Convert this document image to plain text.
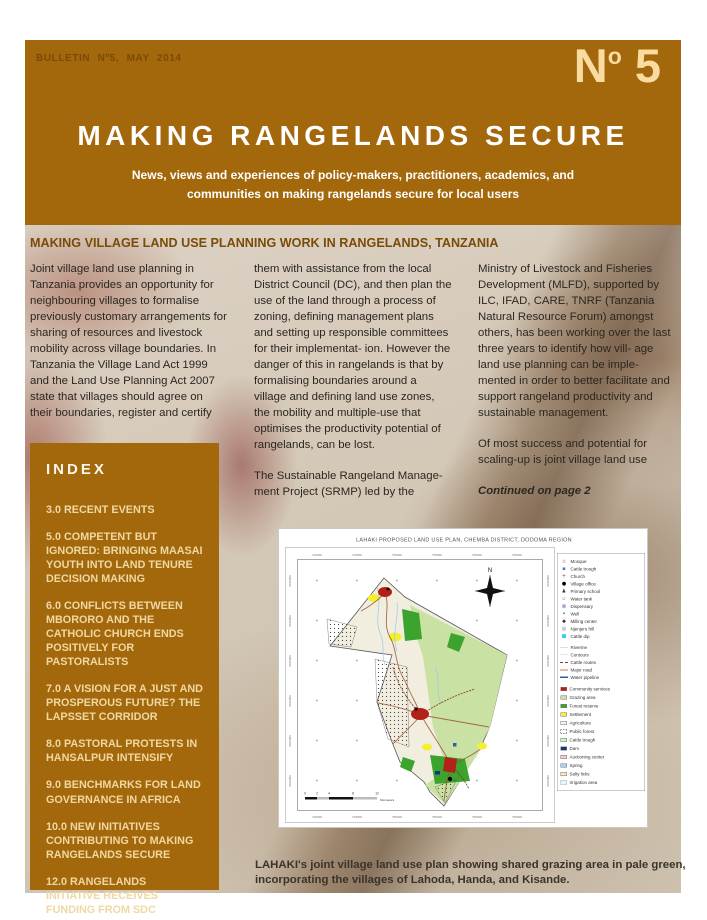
BULLETIN Nº5, MAY 2014	No 5
MAKING RANGELANDS SECURE
News, views and experiences of policy-makers, practitioners, academics, and
communities on making rangelands secure for local users
MAKING VILLAGE LAND USE PLANNING WORK IN RANGELANDS, TANZANIA

Joint village land use planning in Tanzania provides an opportunity for neighbouring villages to formalise previously customary arrangements for sharing of resources and livestock mobility across village boundaries. In Tanzania the Village Land Act 1999 and the Land Use Planning Act 2007 state that villages should agree on their boundaries, register and certify

them with assistance from the local District Council (DC), and then plan the use of the land through a process of zoning, defining management plans and setting up responsible committees for their implementat- ion. However the danger of this in rangelands is that by formalising boundaries around a village and defining land use zones, the mobility and multiple-use that optimises the productivity potential of rangelands, can be lost.

The Sustainable Rangeland Manage- ment Project (SRMP) led by the

Ministry of Livestock and Fisheries Development (MLFD), supported by ILC, IFAD, CARE, TNRF (Tanzania Natural Resource Forum) amongst others, has been working over the last three years to identify how vill- age land use planning can be imple- mented in order to better facilitate and support rangeland productivity and sustainable management.

Of most success and potential for scaling-up is joint village land use

Continued on page 2

INDEX
3.0 RECENT EVENTS
5.0 COMPETENT BUT IGNORED: BRINGING MAASAI YOUTH INTO LAND TENURE DECISION MAKING
6.0 CONFLICTS BETWEEN MBORORO AND THE CATHOLIC CHURCH ENDS POSITIVELY FOR PASTORALISTS
7.0 A VISION FOR A JUST AND PROSPEROUS FUTURE? THE LAPSSET CORRIDOR
8.0 PASTORAL PROTESTS IN HANSALPUR INTENSIFY
9.0 BENCHMARKS FOR LAND GOVERNANCE IN AFRICA
10.0 NEW INITIATIVES CONTRIBUTING TO MAKING RANGELANDS SECURE
12.0 RANGELANDS INITIATIVE RECEIVES FUNDING FROM SDC
LAHAKI PROPOSED LAND USE PLAN, CHEMBA DISTRICT, DODOMA REGION
+	+	+	+	+	+
+	+	+
+	+	+
+	+	+
+	+	+
+	+	+	+	+
740000
740000
745000
745000
750000
750000
755000
755000
760000
760000
765000
765000
9445000	9445000
9440000	9440000
9435000	9435000
9430000	9430000
9425000	9425000
9420000	9420000
N
0	2	4	8	12
Kilometers
⌂ Mosque
▪ Cattle trough
+ Church
● Village office
♟ Primary school
∪ Water tank
▣ Dispensary
• Well
◆ Milling center
◎ Njenjeru hill
■ Cattle dip
Riverine
Contours
Cattle routes
Major road
Water pipeline
Community services
Grazing area
Forest reserve
Settlement
Agriculture
Public forest
Cattle trough
Dam
Auctioning center
Spring
Salty licks
Irrigation area
LAHAKI's joint village land use plan showing shared grazing area in pale green, incorporating the villages of Lahoda, Handa, and Kisande.
